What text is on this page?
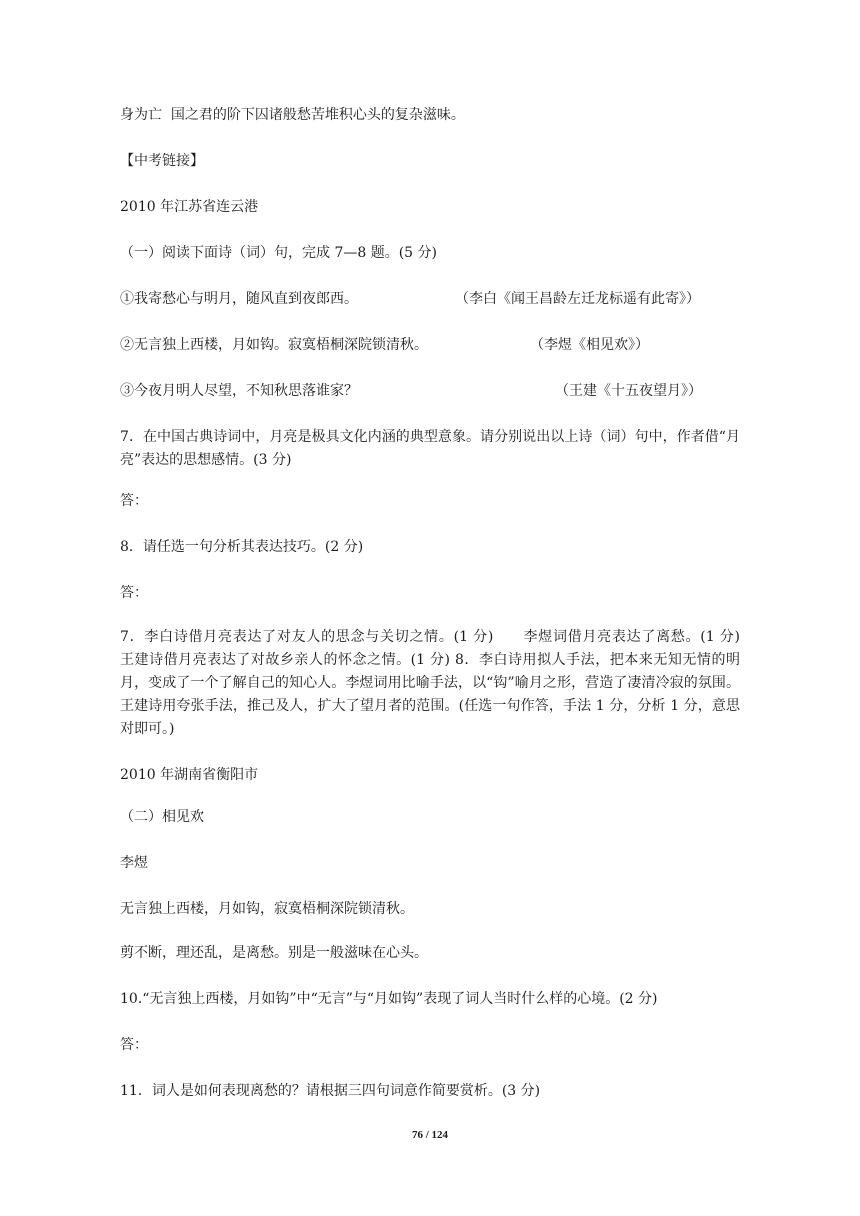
身为亡  国之君的阶下囚诸般愁苦堆积心头的复杂滋味。

【中考链接】

2010 年江苏省连云港

（一）阅读下面诗（词）句，完成 7—8 题。(5 分)

①我寄愁心与明月，随风直到夜郎西。	（李白《闻王昌龄左迁龙标遥有此寄》）

②无言独上西楼，月如钩。寂寞梧桐深院锁清秋。	（李煜《相见欢》）

③今夜月明人尽望，不知秋思落谁家？	（王建《十五夜望月》）

7．在中国古典诗词中，月亮是极具文化内涵的典型意象。请分别说出以上诗（词）句中，作者借“月亮”表达的思想感情。(3 分)

答：

8．请任选一句分析其表达技巧。(2 分)

答：

7．李白诗借月亮表达了对友人的思念与关切之情。(1 分)　　李煜词借月亮表达了离愁。(1 分)　　王建诗借月亮表达了对故乡亲人的怀念之情。(1 分) 8．李白诗用拟人手法，把本来无知无情的明月，变成了一个了解自己的知心人。李煜词用比喻手法，以“钩”喻月之形，营造了凄清冷寂的氛围。王建诗用夸张手法，推己及人，扩大了望月者的范围。(任选一句作答，手法 1 分，分析 1 分，意思对即可。)

2010 年湖南省衡阳市

（二）相见欢

李煜

无言独上西楼，月如钩，寂寞梧桐深院锁清秋。

剪不断，理还乱，是离愁。别是一般滋味在心头。

10.“无言独上西楼，月如钩”中“无言”与“月如钩”表现了词人当时什么样的心境。(2 分)

答：

11．词人是如何表现离愁的？请根据三四句词意作简要赏析。(3 分)

76 / 124
